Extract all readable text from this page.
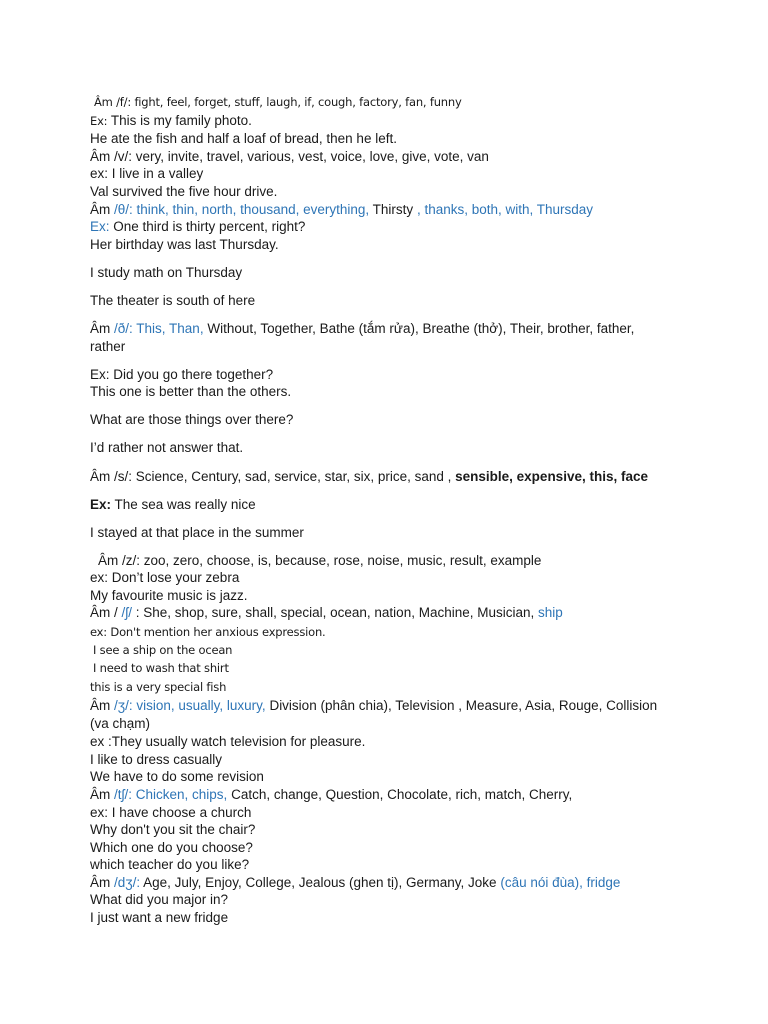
Âm /f/: fight, feel, forget, stuff, laugh, if, cough, factory, fan, funny
Ex: This is my family photo.
He ate the fish and half a loaf of bread, then he left.
Âm /v/: very, invite, travel, various, vest, voice, love, give, vote, van
ex: I live in a valley
Val survived the five hour drive.
Âm /θ/: think, thin, north, thousand, everything, Thirsty , thanks, both, with, Thursday
Ex: One third is thirty percent, right?
Her birthday was last Thursday.
I study math on Thursday
The theater is south of here
Âm /ð/: This, Than, Without, Together, Bathe (tắm rửa), Breathe (thở), Their, brother, father,
rather
Ex: Did you go there together?
This one is better than the others.
What are those things over there?
I’d rather not answer that.
Âm /s/: Science, Century, sad, service, star, six, price, sand , sensible, expensive, this, face
Ex: The sea was really nice
I stayed at that place in the summer
Âm /z/: zoo, zero, choose, is, because, rose, noise, music, result, example
ex: Don’t lose your zebra
My favourite music is jazz.
Âm / /ʃ/ : She, shop, sure, shall, special, ocean, nation, Machine, Musician, ship
ex: Don't mention her anxious expression.
I see a ship on the ocean
I need to wash that shirt
this is a very special fish
Âm /ʒ/: vision, usually, luxury, Division (phân chia), Television , Measure, Asia, Rouge, Collision
(va chạm)
ex :They usually watch television for pleasure.
I like to dress casually
We have to do some revision
Âm /tʃ/: Chicken, chips, Catch, change, Question, Chocolate, rich, match, Cherry,
ex: I have choose a church
Why don't you sit the chair?
Which one do you choose?
which teacher do you like?
Âm /dʒ/: Age, July, Enjoy, College, Jealous (ghen tị), Germany, Joke (câu nói đùa), fridge
What did you major in?
I just want a new fridge
